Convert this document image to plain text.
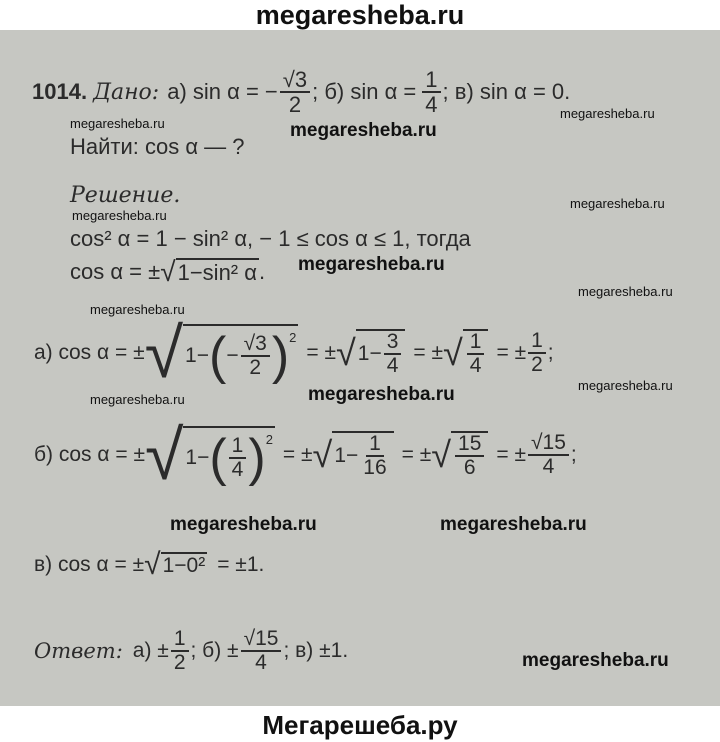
megaresheba.ru
1014. Дано: а) sin α = − $\frac{√3}{2}$ ; б) $\sin \alpha = \frac{1}{4}$ ; в) sin α = 0.
megaresheba.ru	megaresheba.ru
megaresheba.ru
Найти: cos α — ?
Решение.
megaresheba.ru
megaresheba.ru
cos² α = 1 − sin² α, − 1 ≤ cos α ≤ 1, тогда
cos α = ± √ 1−sin² α . megaresheba.ru
megaresheba.ru
megaresheba.ru
а) cos α = ± √ 1− ( − $\frac{√3}{2} )^2$
= ± √ $1- \frac{3}{4}$ = ± √ $\frac{1}{4}$ = ± $\frac{1}{2}$ ;
megaresheba.ru
megaresheba.ru	megaresheba.ru
б) cos α = ± √ 1− ( $\frac{1}{4} )^2$
= ± √ $1- \frac{1}{16}$ = ± √ $\frac{15}{6}$ = ± $\frac{√15}{4}$ ;
megaresheba.ru	megaresheba.ru
в) cos α = ± √ 1−0² = ±1.
Ответ: $а) \pm \frac{1}{2}$ ; $б) \pm \frac{√15}{4}$ ; в) ±1.	megaresheba.ru
Мегарешеба.ру
